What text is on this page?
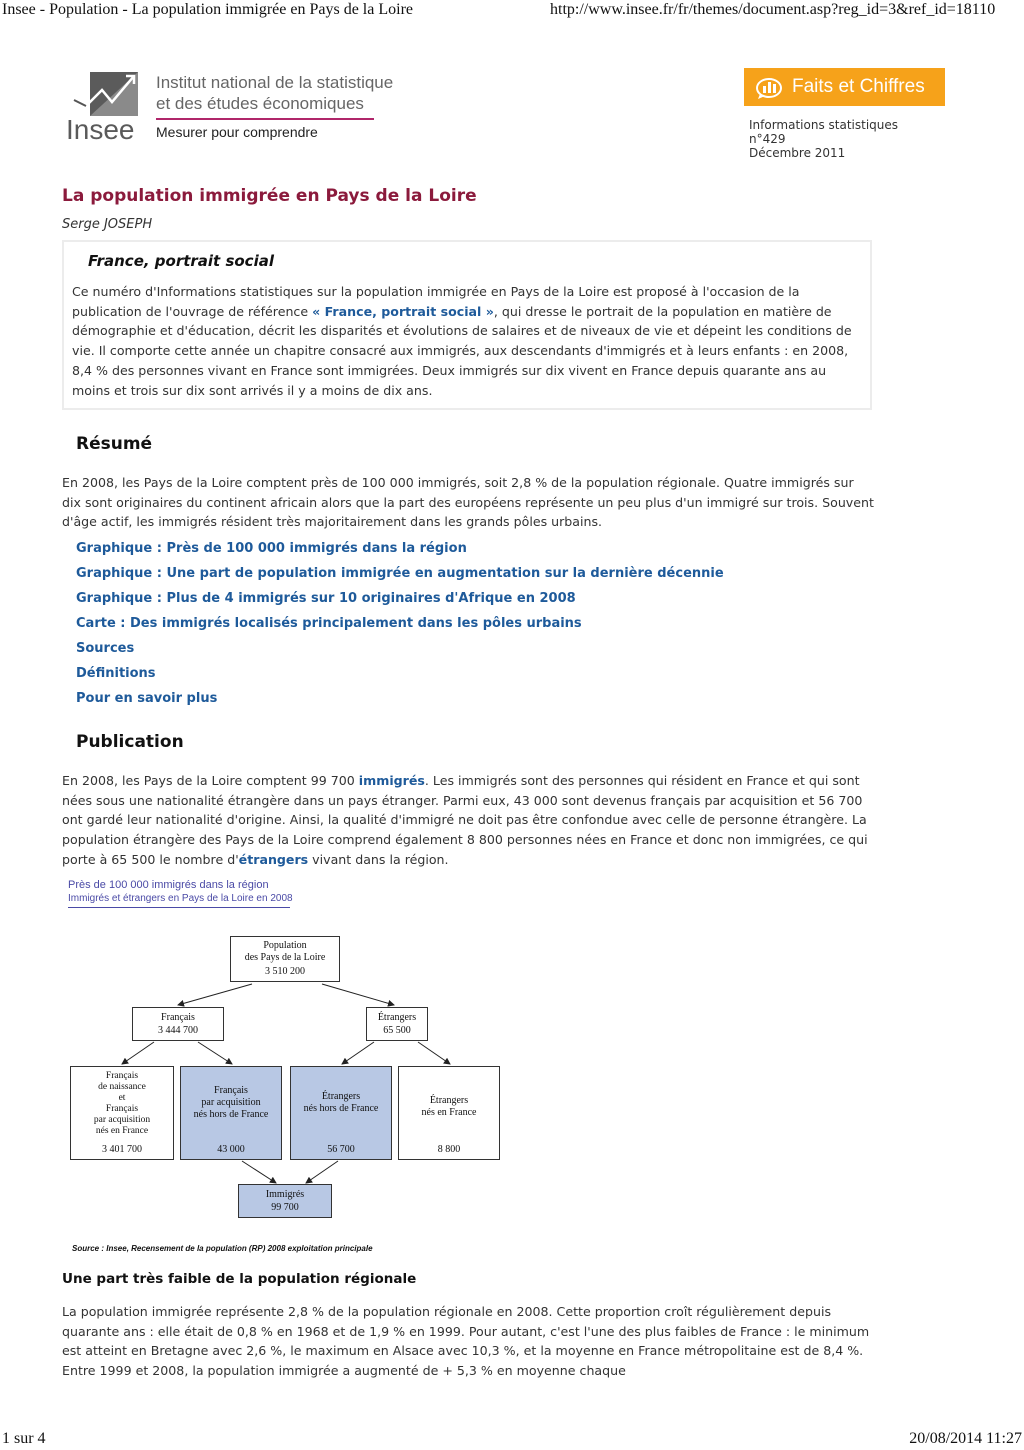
Insee - Population - La population immigrée en Pays de la Loire	http://www.insee.fr/fr/themes/document.asp?reg_id=3&ref_id=18110
Insee
Institut national de la statistique
et des études économiques
Mesurer pour comprendre
Faits et Chiffres
Informations statistiques
n°429
Décembre 2011
La population immigrée en Pays de la Loire
Serge JOSEPH
France, portrait social

Ce numéro d'Informations statistiques sur la population immigrée en Pays de la Loire est proposé à l'occasion de la publication de l'ouvrage de référence « France, portrait social », qui dresse le portrait de la population en matière de démographie et d'éducation, décrit les disparités et évolutions de salaires et de niveaux de vie et dépeint les conditions de vie. Il comporte cette année un chapitre consacré aux immigrés, aux descendants d'immigrés et à leurs enfants : en 2008, 8,4 % des personnes vivant en France sont immigrées. Deux immigrés sur dix vivent en France depuis quarante ans au moins et trois sur dix sont arrivés il y a moins de dix ans.

Résumé

En 2008, les Pays de la Loire comptent près de 100 000 immigrés, soit 2,8 % de la population régionale. Quatre immigrés sur dix sont originaires du continent africain alors que la part des européens représente un peu plus d'un immigré sur trois. Souvent d'âge actif, les immigrés résident très majoritairement dans les grands pôles urbains.

Graphique : Près de 100 000 immigrés dans la région
Graphique : Une part de population immigrée en augmentation sur la dernière décennie
Graphique : Plus de 4 immigrés sur 10 originaires d'Afrique en 2008
Carte : Des immigrés localisés principalement dans les pôles urbains
Sources
Définitions
Pour en savoir plus
Publication

En 2008, les Pays de la Loire comptent 99 700 immigrés. Les immigrés sont des personnes qui résident en France et qui sont nées sous une nationalité étrangère dans un pays étranger. Parmi eux, 43 000 sont devenus français par acquisition et 56 700 ont gardé leur nationalité d'origine. Ainsi, la qualité d'immigré ne doit pas être confondue avec celle de personne étrangère. La population étrangère des Pays de la Loire comprend également 8 800 personnes nées en France et donc non immigrées, ce qui porte à 65 500 le nombre d'étrangers vivant dans la région.

Près de 100 000 immigrés dans la région
Immigrés et étrangers en Pays de la Loire en 2008
Population
des Pays de la Loire
3 510 200
Français
3 444 700
Étrangers
65 500
Français
de naissance
et
Français
par acquisition
nés en France
3 401 700
Français
par acquisition
nés hors de France
43 000
Étrangers
nés hors de France
56 700
Étrangers
nés en France
8 800
Immigrés
99 700
Source : Insee, Recensement de la population (RP) 2008 exploitation principale
Une part très faible de la population régionale

La population immigrée représente 2,8 % de la population régionale en 2008. Cette proportion croît régulièrement depuis quarante ans : elle était de 0,8 % en 1968 et de 1,9 % en 1999. Pour autant, c'est l'une des plus faibles de France : le minimum est atteint en Bretagne avec 2,6 %, le maximum en Alsace avec 10,3 %, et la moyenne en France métropolitaine est de 8,4 %. Entre 1999 et 2008, la population immigrée a augmenté de + 5,3 % en moyenne chaque

1 sur 4	20/08/2014 11:27
